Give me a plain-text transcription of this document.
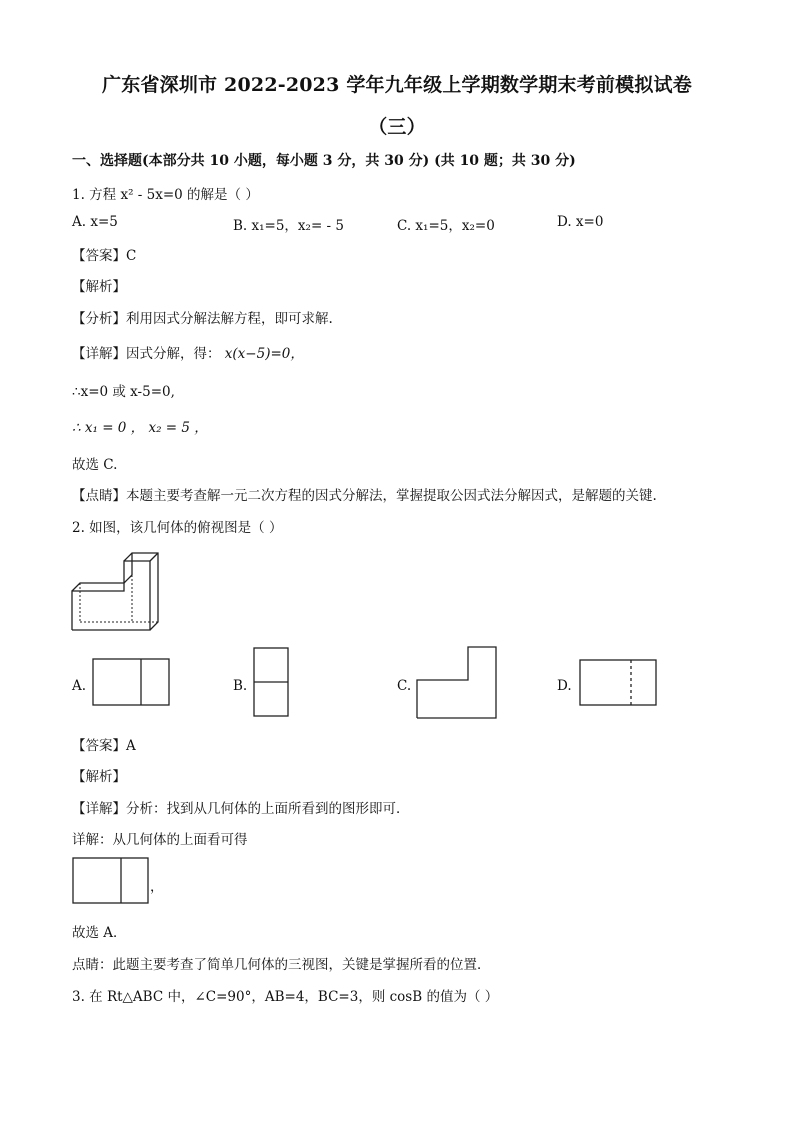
广东省深圳市 2022-2023 学年九年级上学期数学期末考前模拟试卷
（三）
一、选择题(本部分共 10 小题，每小题 3 分，共 30 分) (共 10 题；共 30 分)
1. 方程 x² - 5x=0 的解是（ ）
A. x=5	B. x₁=5，x₂= - 5	C. x₁=5，x₂=0	D. x=0
【答案】C
【解析】
【分析】利用因式分解法解方程，即可求解.
【详解】因式分解，得： x(x−5)=0，
∴x=0 或 x-5=0,
∴ x₁ = 0 ， x₂ = 5 ，
故选 C.
【点睛】本题主要考查解一元二次方程的因式分解法，掌握提取公因式法分解因式，是解题的关键.
2. 如图，该几何体的俯视图是（ ）
A.	B.	C.	D.
【答案】A
【解析】
【详解】分析：找到从几何体的上面所看到的图形即可．
详解：从几何体的上面看可得
，
故选 A．
点睛：此题主要考查了简单几何体的三视图，关键是掌握所看的位置．
3. 在 Rt△ABC 中，∠C=90°，AB=4，BC=3，则 cosB 的值为（ ）
